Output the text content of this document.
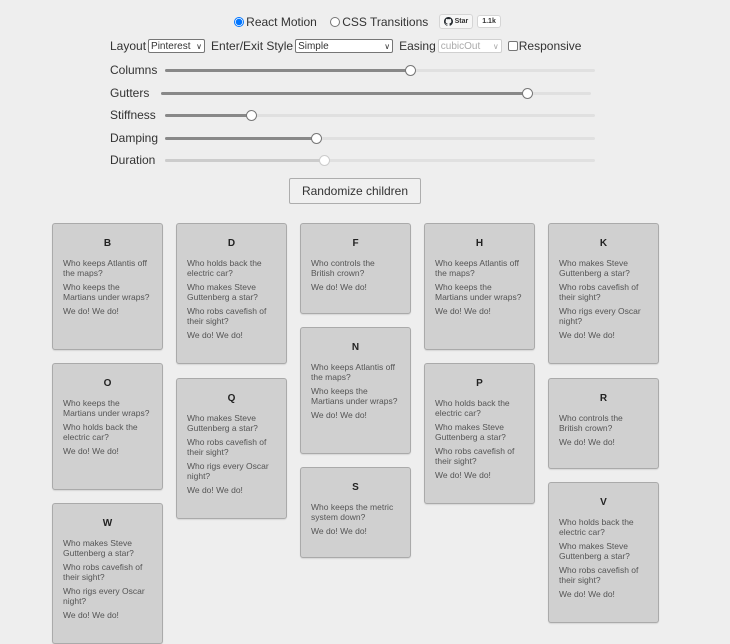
React Motion
CSS Transitions
	Star	1.1k
Layout Pinterest ∨ Enter/Exit Style Simple	∨ Easing cubicOut ∨ Responsive
Columns
Gutters
Stiffness
Damping
Duration
Randomize children
B

Who keeps Atlantis off the maps?

Who keeps the Martians under wraps?

We do! We do!

D

Who holds back the electric car?

Who makes Steve Guttenberg a star?

Who robs cavefish of their sight?

We do! We do!

F

Who controls the British crown?

We do! We do!

H

Who keeps Atlantis off the maps?

Who keeps the Martians under wraps?

We do! We do!

K

Who makes Steve Guttenberg a star?

Who robs cavefish of their sight?

Who rigs every Oscar night?

We do! We do!

N

Who keeps Atlantis off the maps?

Who keeps the Martians under wraps?

We do! We do!

O

Who keeps the Martians under wraps?

Who holds back the electric car?

We do! We do!

Q

Who makes Steve Guttenberg a star?

Who robs cavefish of their sight?

Who rigs every Oscar night?

We do! We do!

P

Who holds back the electric car?

Who makes Steve Guttenberg a star?

Who robs cavefish of their sight?

We do! We do!

R

Who controls the British crown?

We do! We do!

S

Who keeps the metric system down?

We do! We do!

W

Who makes Steve Guttenberg a star?

Who robs cavefish of their sight?

Who rigs every Oscar night?

We do! We do!

V

Who holds back the electric car?

Who makes Steve Guttenberg a star?

Who robs cavefish of their sight?

We do! We do!
